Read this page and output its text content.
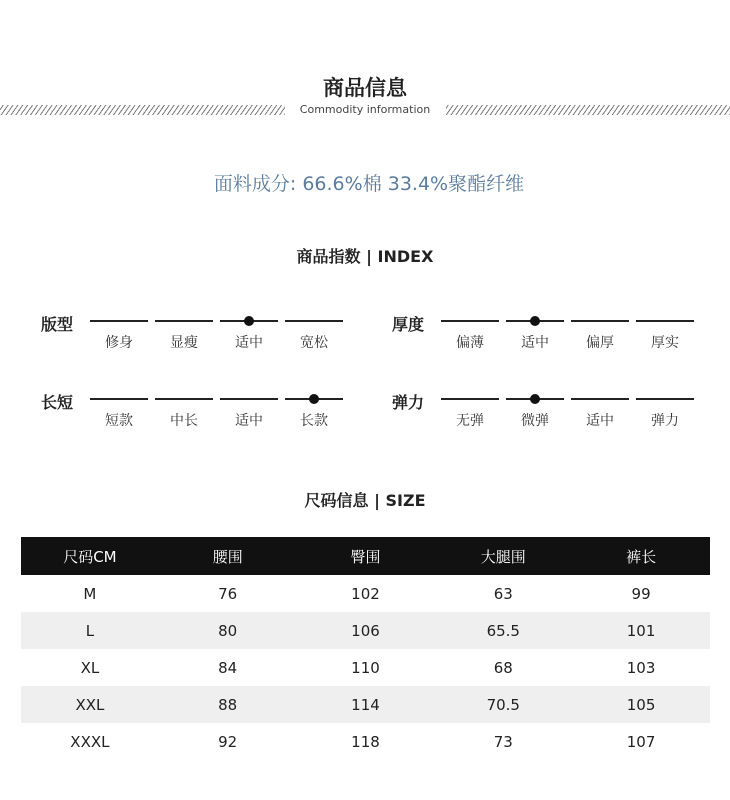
商品信息
Commodity information
面料成分: 66.6%棉 33.4%聚酯纤维
商品指数 | INDEX
版型
修身	显瘦	适中	宽松
厚度
偏薄	适中	偏厚	厚实
长短
短款	中长	适中	长款
弹力
无弹	微弹	适中	弹力
尺码信息 | SIZE
尺码CM	腰围	臀围	大腿围	裤长
M	76	102	63	99
L	80	106	65.5	101
XL	84	110	68	103
XXL	88	114	70.5	105
XXXL	92	118	73	107
